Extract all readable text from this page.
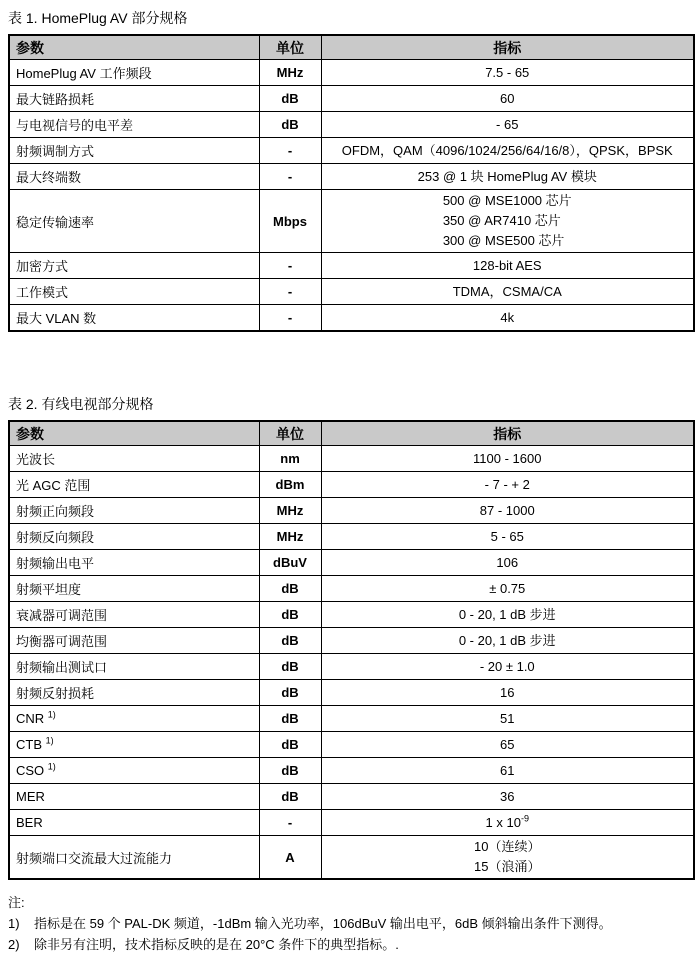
表 1. HomePlug AV 部分规格
参数	单位	指标
HomePlug AV 工作频段	MHz	7.5 - 65

最大链路损耗	dB	60

与电视信号的电平差	dB	- 65

射频调制方式	-	OFDM，QAM（4096/1024/256/64/16/8），QPSK，BPSK

最大终端数	-	253 @ 1 块 HomePlug AV 模块

稳定传输速率	Mbps	500 @ MSE1000 芯片
350 @ AR7410 芯片
300 @ MSE500 芯片

加密方式	-	128-bit AES

工作模式	-	TDMA，CSMA/CA

最大 VLAN 数	-	4k
表 2. 有线电视部分规格
参数	单位	指标
光波长	nm	1100 - 1600

光 AGC 范围	dBm	- 7 - + 2

射频正向频段	MHz	87 - 1000

射频反向频段	MHz	5 - 65

射频输出电平	dBuV	106

射频平坦度	dB	± 0.75

衰减器可调范围	dB	0 - 20, 1 dB 步进

均衡器可调范围	dB	0 - 20, 1 dB 步进

射频输出测试口	dB	- 20 ± 1.0

射频反射损耗	dB	16

CNR $^{1)}$	dB	51

CTB $^{1)}$	dB	65

CSO $^{1)}$	dB	61

MER	dB	36

BER	-	1 x $10^{-9}$

射频端口交流最大过流能力	A	10（连续）
15（浪涌）
注:
1)	指标是在 59 个 PAL-DK 频道，-1dBm 输入光功率，106dBuV 输出电平，6dB 倾斜输出条件下测得。
2)	除非另有注明，技术指标反映的是在 20°C 条件下的典型指标。.
